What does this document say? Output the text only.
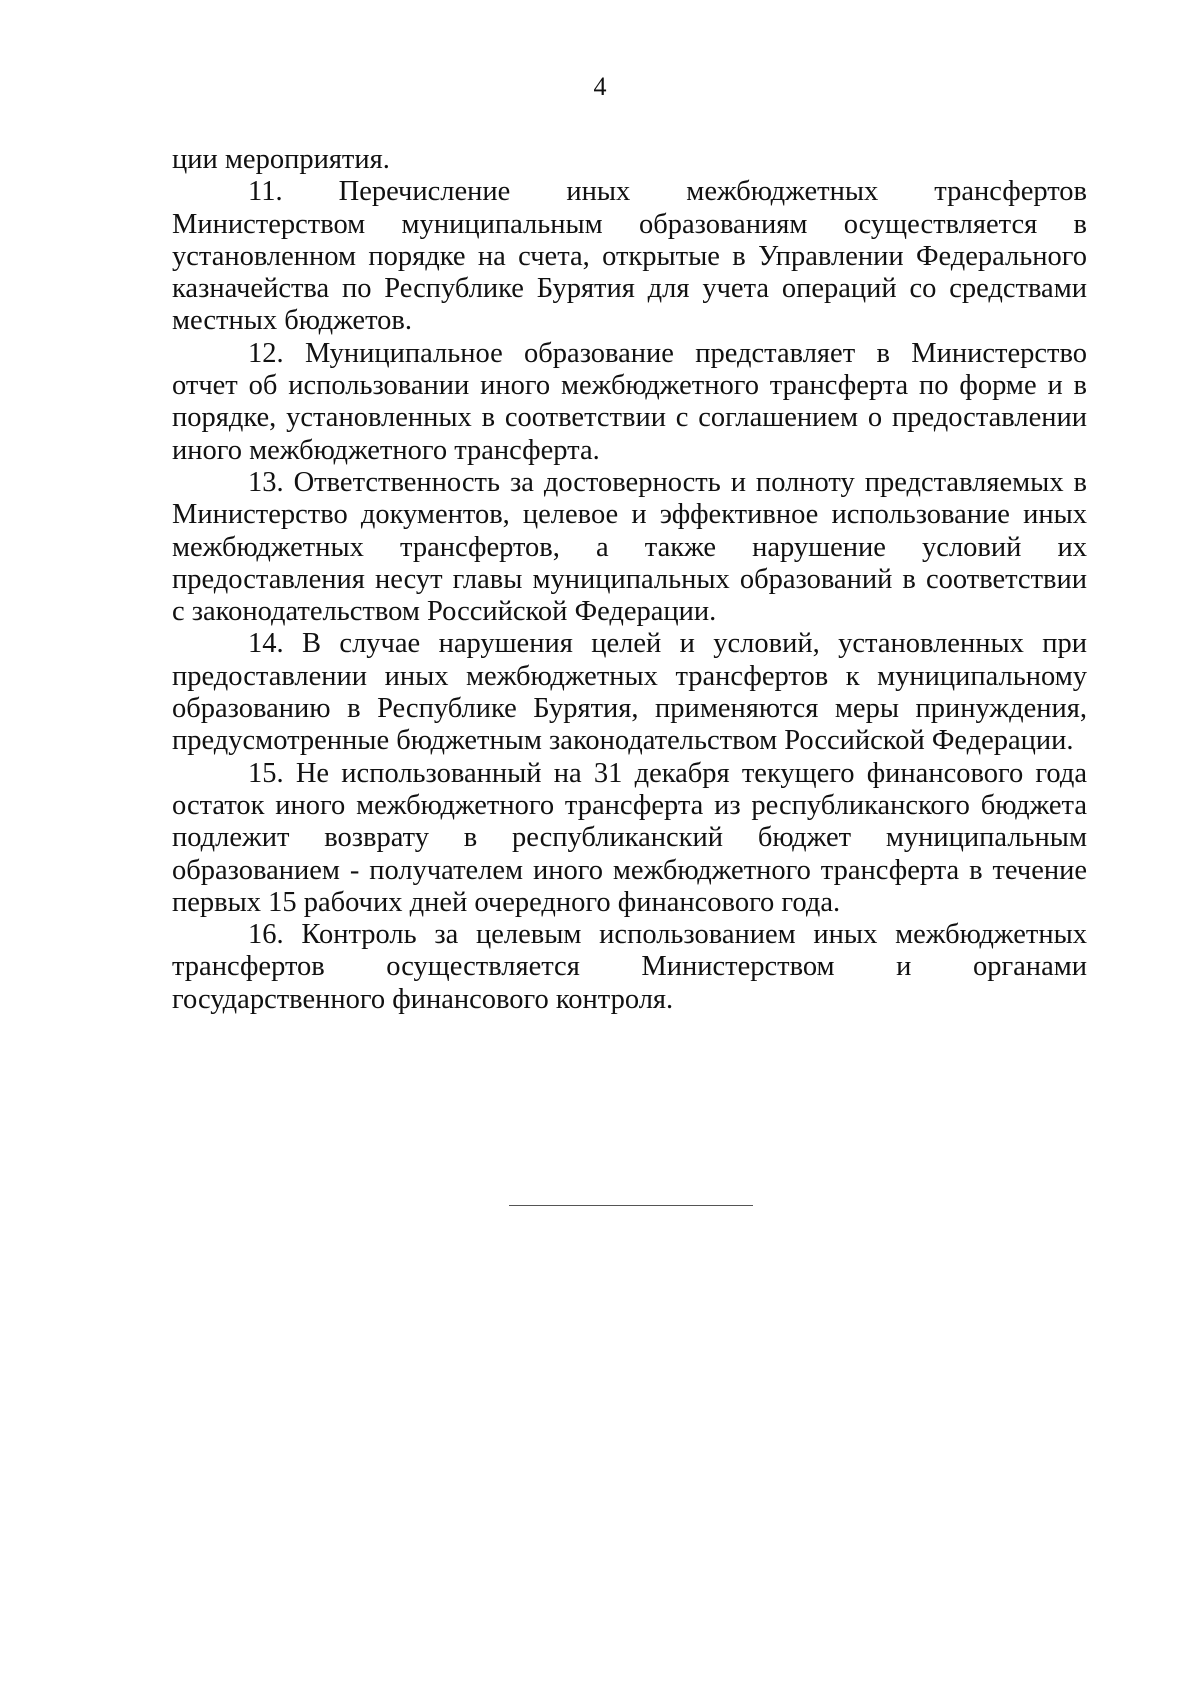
4

ции мероприятия.

11. Перечисление иных межбюджетных трансфертов Министерством муниципальным образованиям осуществляется в установленном порядке на счета, открытые в Управлении Федерального казначейства по Республике Бурятия для учета операций со средствами местных бюджетов.

12. Муниципальное образование представляет в Министерство отчет об использовании иного межбюджетного трансферта по форме и в порядке, установленных в соответствии с соглашением о предоставлении иного межбюджетного трансферта.

13. Ответственность за достоверность и полноту представляемых в Министерство документов, целевое и эффективное использование иных межбюджетных трансфертов, а также нарушение условий их предоставления несут главы муниципальных образований в соответствии с законодательством Российской Федерации.

14. В случае нарушения целей и условий, установленных при предоставлении иных межбюджетных трансфертов к муниципальному образованию в Республике Бурятия, применяются меры принуждения, предусмотренные бюджетным законодательством Российской Федерации.

15. Не использованный на 31 декабря текущего финансового года остаток иного межбюджетного трансферта из республиканского бюджета подлежит возврату в республиканский бюджет муниципальным образованием - получателем иного межбюджетного трансферта в течение первых 15 рабочих дней очередного финансового года.

16. Контроль за целевым использованием иных межбюджетных трансфертов осуществляется Министерством и органами государственного финансового контроля.
